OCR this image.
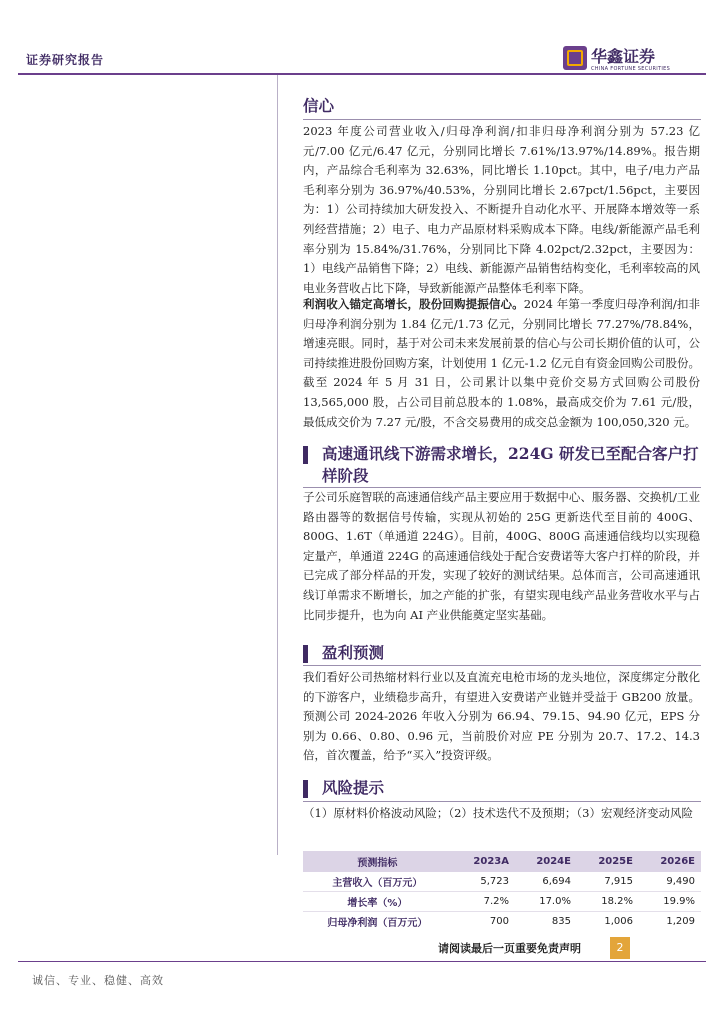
证券研究报告	华鑫证券
CHINA FORTUNE SECURITIES
信心
2023 年度公司营业收入/归母净利润/扣非归母净利润分别为 57.23 亿元/7.00 亿元/6.47 亿元，分别同比增长 7.61%/13.97%/14.89%。报告期内，产品综合毛利率为 32.63%，同比增长 1.10pct。其中，电子/电力产品毛利率分别为 36.97%/40.53%，分别同比增长 2.67pct/1.56pct，主要因为：1）公司持续加大研发投入、不断提升自动化水平、开展降本增效等一系列经营措施；2）电子、电力产品原材料采购成本下降。电线/新能源产品毛利率分别为 15.84%/31.76%，分别同比下降 4.02pct/2.32pct，主要因为：1）电线产品销售下降；2）电线、新能源产品销售结构变化，毛利率较高的风电业务营收占比下降，导致新能源产品整体毛利率下降。
利润收入锚定高增长，股份回购提振信心。2024 年第一季度归母净利润/扣非归母净利润分别为 1.84 亿元/1.73 亿元，分别同比增长 77.27%/78.84%，增速亮眼。同时，基于对公司未来发展前景的信心与公司长期价值的认可，公司持续推进股份回购方案，计划使用 1 亿元-1.2 亿元自有资金回购公司股份。截至 2024 年 5 月 31 日，公司累计以集中竞价交易方式回购公司股份 13,565,000 股，占公司目前总股本的 1.08%，最高成交价为 7.61 元/股，最低成交价为 7.27 元/股，不含交易费用的成交总金额为 100,050,320 元。
高速通讯线下游需求增长，224G 研发已至配合客户打样阶段
子公司乐庭智联的高速通信线产品主要应用于数据中心、服务器、交换机/工业路由器等的数据信号传输，实现从初始的 25G 更新迭代至目前的 400G、800G、1.6T（单通道 224G）。目前，400G、800G 高速通信线均以实现稳定量产，单通道 224G 的高速通信线处于配合安费诺等大客户打样的阶段，并已完成了部分样品的开发，实现了较好的测试结果。总体而言，公司高速通讯线订单需求不断增长，加之产能的扩张，有望实现电线产品业务营收水平与占比同步提升，也为向 AI 产业供能奠定坚实基础。
盈利预测
我们看好公司热缩材料行业以及直流充电枪市场的龙头地位，深度绑定分散化的下游客户，业绩稳步高升，有望进入安费诺产业链并受益于 GB200 放量。预测公司 2024-2026 年收入分别为 66.94、79.15、94.90 亿元，EPS 分别为 0.66、0.80、0.96 元，当前股价对应 PE 分别为 20.7、17.2、14.3 倍，首次覆盖，给予“买入”投资评级。
风险提示
（1）原材料价格波动风险；（2）技术迭代不及预期；（3）宏观经济变动风险
预测指标	2023A	2024E	2025E	2026E
主营收入（百万元）	5,723	6,694	7,915	9,490
增长率（%）	7.2%	17.0%	18.2%	19.9%
归母净利润（百万元）	700	835	1,006	1,209
请阅读最后一页重要免责声明	2
诚信、专业、稳健、高效
